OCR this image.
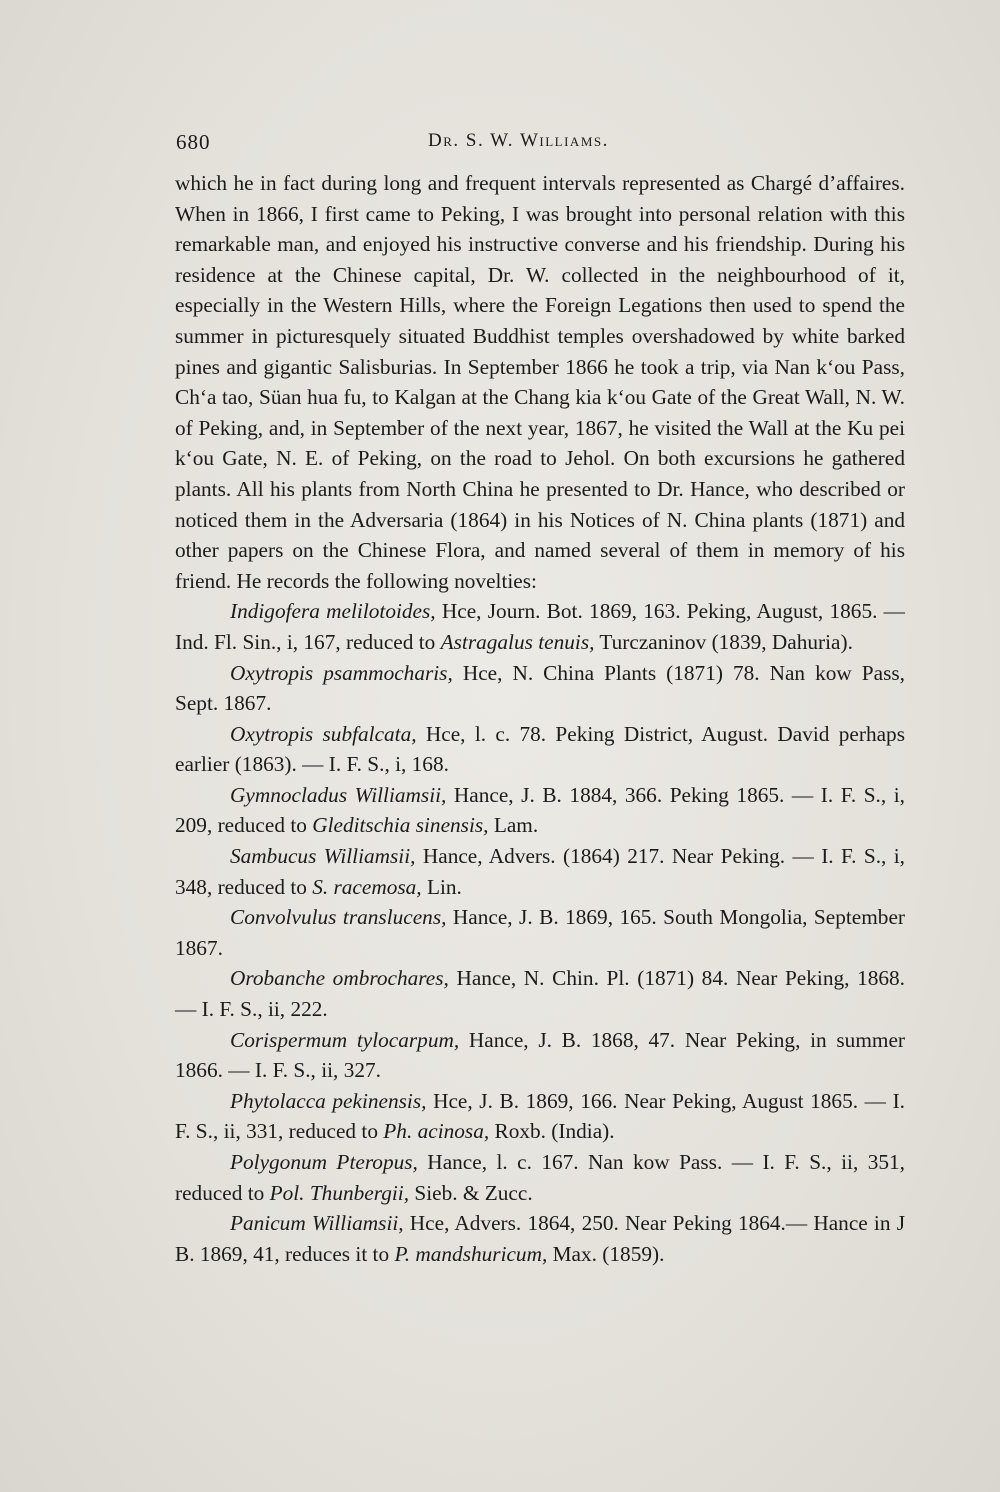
680	Dr. S. W. Williams.

which he in fact during long and frequent intervals represented as Chargé d’affaires. When in 1866, I first came to Peking, I was brought into personal relation with this remarkable man, and enjoyed his instructive converse and his friendship. During his residence at the Chinese capital, Dr. W. collected in the neighbourhood of it, especially in the Western Hills, where the Foreign Legations then used to spend the summer in picturesquely situated Buddhist temples overshadowed by white barked pines and gigantic Salisburias. In September 1866 he took a trip, via Nan k‘ou Pass, Ch‘a tao, Süan hua fu, to Kalgan at the Chang kia k‘ou Gate of the Great Wall, N. W. of Peking, and, in September of the next year, 1867, he visited the Wall at the Ku pei k‘ou Gate, N. E. of Peking, on the road to Jehol. On both excursions he gathered plants. All his plants from North China he presented to Dr. Hance, who described or noticed them in the Adversaria (1864) in his Notices of N. China plants (1871) and other papers on the Chinese Flora, and named several of them in memory of his friend. He records the following novelties:

Indigofera melilotoides, Hce, Journ. Bot. 1869, 163. Peking, August, 1865. — Ind. Fl. Sin., i, 167, reduced to Astragalus tenuis, Turczaninov (1839, Dahuria).

Oxytropis psammocharis, Hce, N. China Plants (1871) 78. Nan kow Pass, Sept. 1867.

Oxytropis subfalcata, Hce, l. c. 78. Peking District, August. David perhaps earlier (1863). — I. F. S., i, 168.

Gymnocladus Williamsii, Hance, J. B. 1884, 366. Peking 1865. — I. F. S., i, 209, reduced to Gleditschia sinensis, Lam.

Sambucus Williamsii, Hance, Advers. (1864) 217. Near Peking. — I. F. S., i, 348, reduced to S. racemosa, Lin.

Convolvulus translucens, Hance, J. B. 1869, 165. South Mongolia, September 1867.

Orobanche ombrochares, Hance, N. Chin. Pl. (1871) 84. Near Peking, 1868. — I. F. S., ii, 222.

Corispermum tylocarpum, Hance, J. B. 1868, 47. Near Peking, in summer 1866. — I. F. S., ii, 327.

Phytolacca pekinensis, Hce, J. B. 1869, 166. Near Peking, August 1865. — I. F. S., ii, 331, reduced to Ph. acinosa, Roxb. (India).

Polygonum Pteropus, Hance, l. c. 167. Nan kow Pass. — I. F. S., ii, 351, reduced to Pol. Thunbergii, Sieb. & Zucc.

Panicum Williamsii, Hce, Advers. 1864, 250. Near Peking 1864.— Hance in J B. 1869, 41, reduces it to P. mandshuricum, Max. (1859).
